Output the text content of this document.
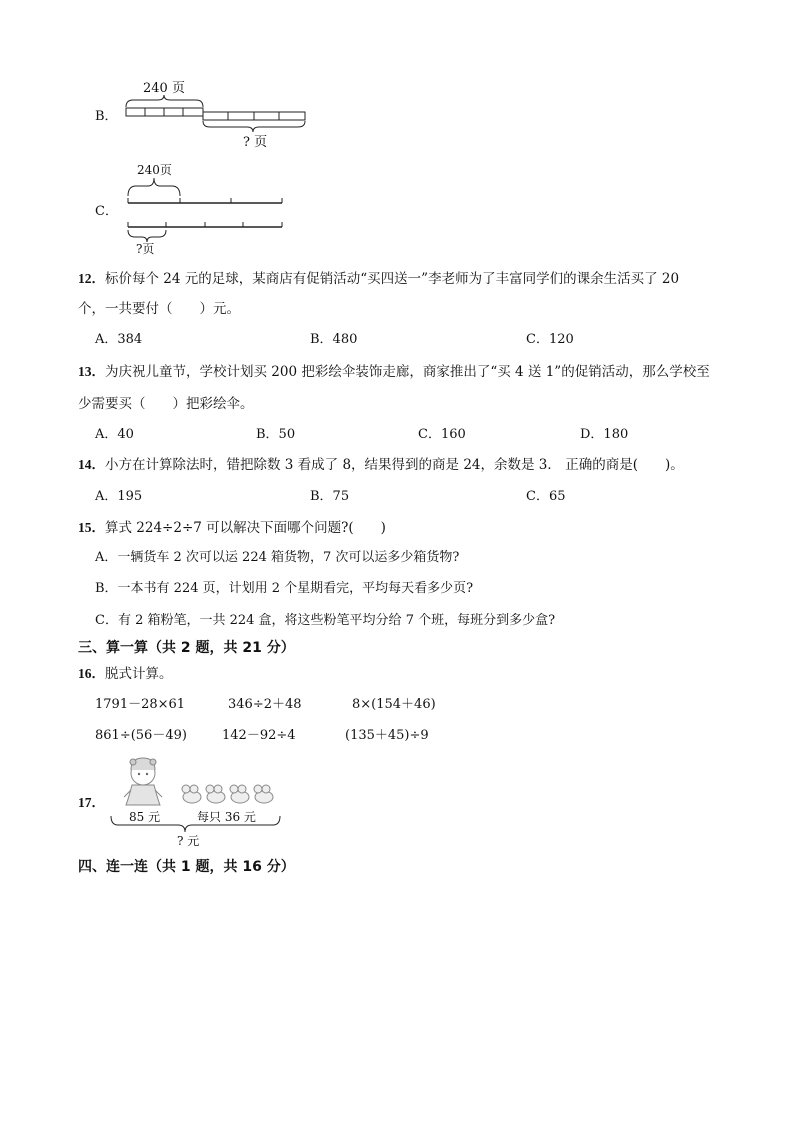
B．
240 页
? 页
C．
240页
?页
12．标价每个 24 元的足球，某商店有促销活动“买四送一”李老师为了丰富同学们的课余生活买了 20
个，一共要付（　　）元。
A．384	B．480	C．120
13．为庆祝儿童节，学校计划买 200 把彩绘伞装饰走廊，商家推出了“买 4 送 1”的促销活动，那么学校至
少需要买（　　）把彩绘伞。
A．40	B．50	C．160	D．180
14．小方在计算除法时，错把除数 3 看成了 8，结果得到的商是 24，余数是 3． 正确的商是(　　)。
A．195	B．75	C．65
15．算式 224÷2÷7 可以解决下面哪个问题?(　　)
A．一辆货车 2 次可以运 224 箱货物，7 次可以运多少箱货物?
B．一本书有 224 页，计划用 2 个星期看完，平均每天看多少页?
C．有 2 箱粉笔，一共 224 盒，将这些粉笔平均分给 7 个班，每班分到多少盒?
三、算一算（共 2 题，共 21 分）
16．脱式计算。
1791－28×61	346÷2＋48	8×(154＋46)
861÷(56－49)	142－92÷4	(135＋45)÷9
17．
85 元	每只 36 元
? 元
四、连一连（共 1 题，共 16 分）
